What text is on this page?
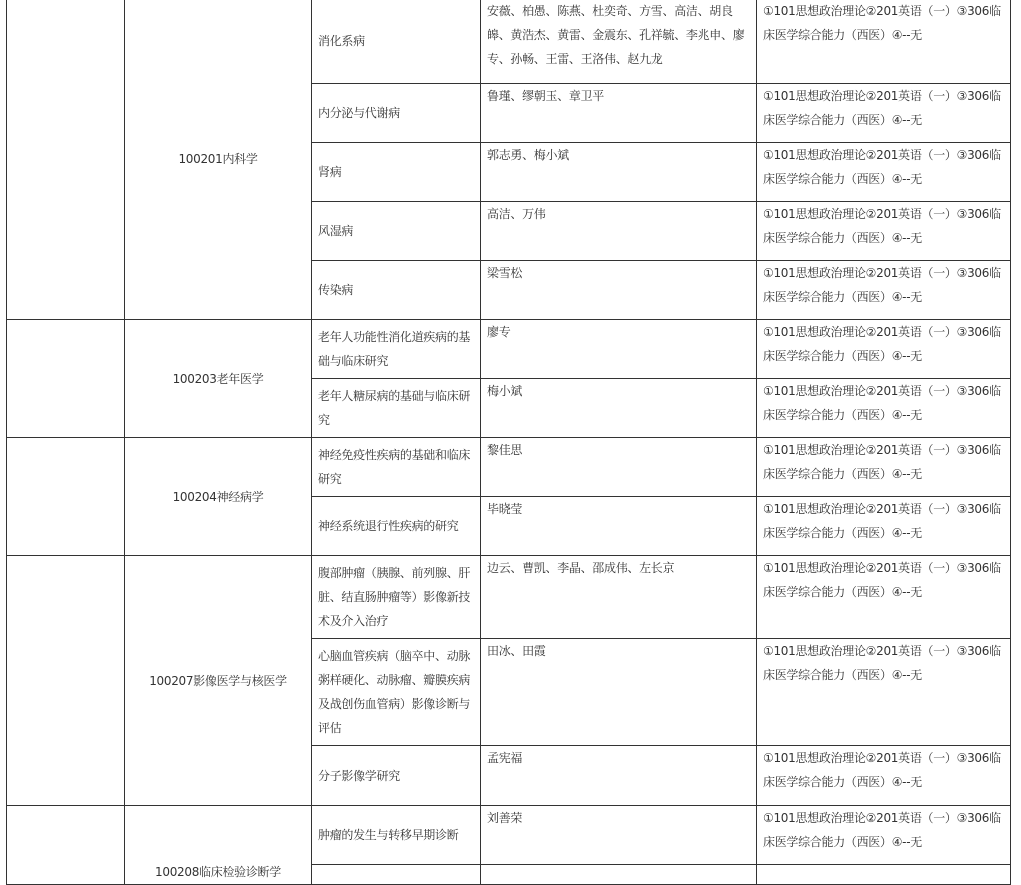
	100201内科学	消化系病	安薇、柏愚、陈燕、杜奕奇、方雪、高洁、胡良皞、黄浩杰、黄雷、金震东、孔祥毓、李兆申、廖专、孙畅、王雷、王洛伟、赵九龙	①101思想政治理论②201英语（一）③306临床医学综合能力（西医）④--无

		内分泌与代谢病	鲁瑾、缪朝玉、章卫平	①101思想政治理论②201英语（一）③306临床医学综合能力（西医）④--无

		肾病	郭志勇、梅小斌	①101思想政治理论②201英语（一）③306临床医学综合能力（西医）④--无

		风湿病	高洁、万伟	①101思想政治理论②201英语（一）③306临床医学综合能力（西医）④--无

		传染病	梁雪松	①101思想政治理论②201英语（一）③306临床医学综合能力（西医）④--无

	100203老年医学	老年人功能性消化道疾病的基础与临床研究	廖专	①101思想政治理论②201英语（一）③306临床医学综合能力（西医）④--无

		老年人糖尿病的基础与临床研究	梅小斌	①101思想政治理论②201英语（一）③306临床医学综合能力（西医）④--无

	100204神经病学	神经免疫性疾病的基础和临床研究	黎佳思	①101思想政治理论②201英语（一）③306临床医学综合能力（西医）④--无

		神经系统退行性疾病的研究	毕晓莹	①101思想政治理论②201英语（一）③306临床医学综合能力（西医）④--无

	100207影像医学与核医学	腹部肿瘤（胰腺、前列腺、肝脏、结直肠肿瘤等）影像新技术及介入治疗	边云、曹凯、李晶、邵成伟、左长京	①101思想政治理论②201英语（一）③306临床医学综合能力（西医）④--无

		心脑血管疾病（脑卒中、动脉粥样硬化、动脉瘤、瓣膜疾病及战创伤血管病）影像诊断与评估	田冰、田霞	①101思想政治理论②201英语（一）③306临床医学综合能力（西医）④--无

		分子影像学研究	孟宪福	①101思想政治理论②201英语（一）③306临床医学综合能力（西医）④--无

	100208临床检验诊断学	肿瘤的发生与转移早期诊断	刘善荣	①101思想政治理论②201英语（一）③306临床医学综合能力（西医）④--无
